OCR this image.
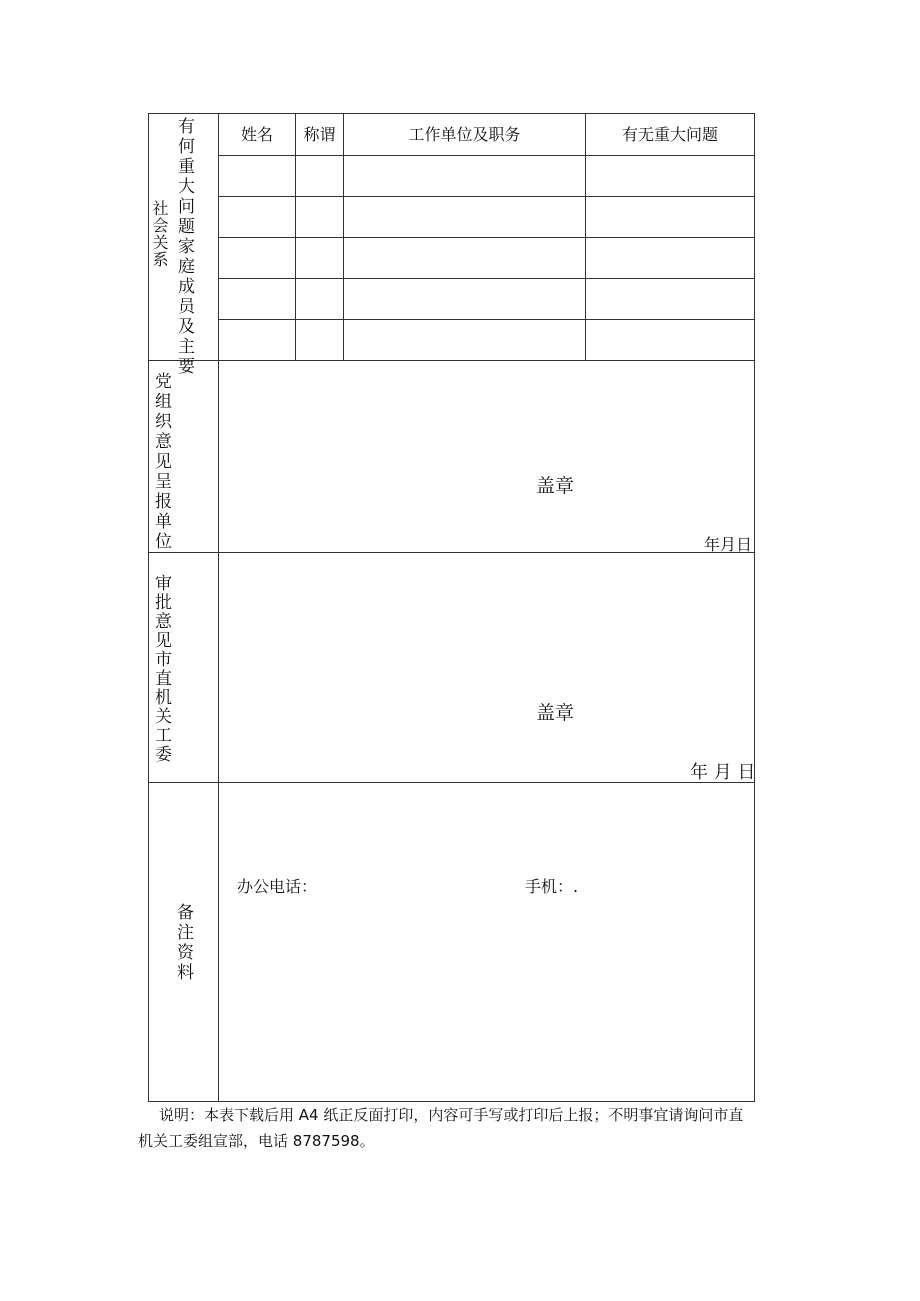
社会关系 有何重大问题家庭成员及主要	姓名	称谓	工作单位及职务	有无重大问题
党组织意见呈报单位	盖章
年月日
审批意见市直机关工委	盖章
年 月 日
备注资料
办公电话：	手机：.
说明：本表下载后用 A4 纸正反面打印，内容可手写或打印后上报；不明事宜请询问市直机关工委组宣部，电话 8787598。
